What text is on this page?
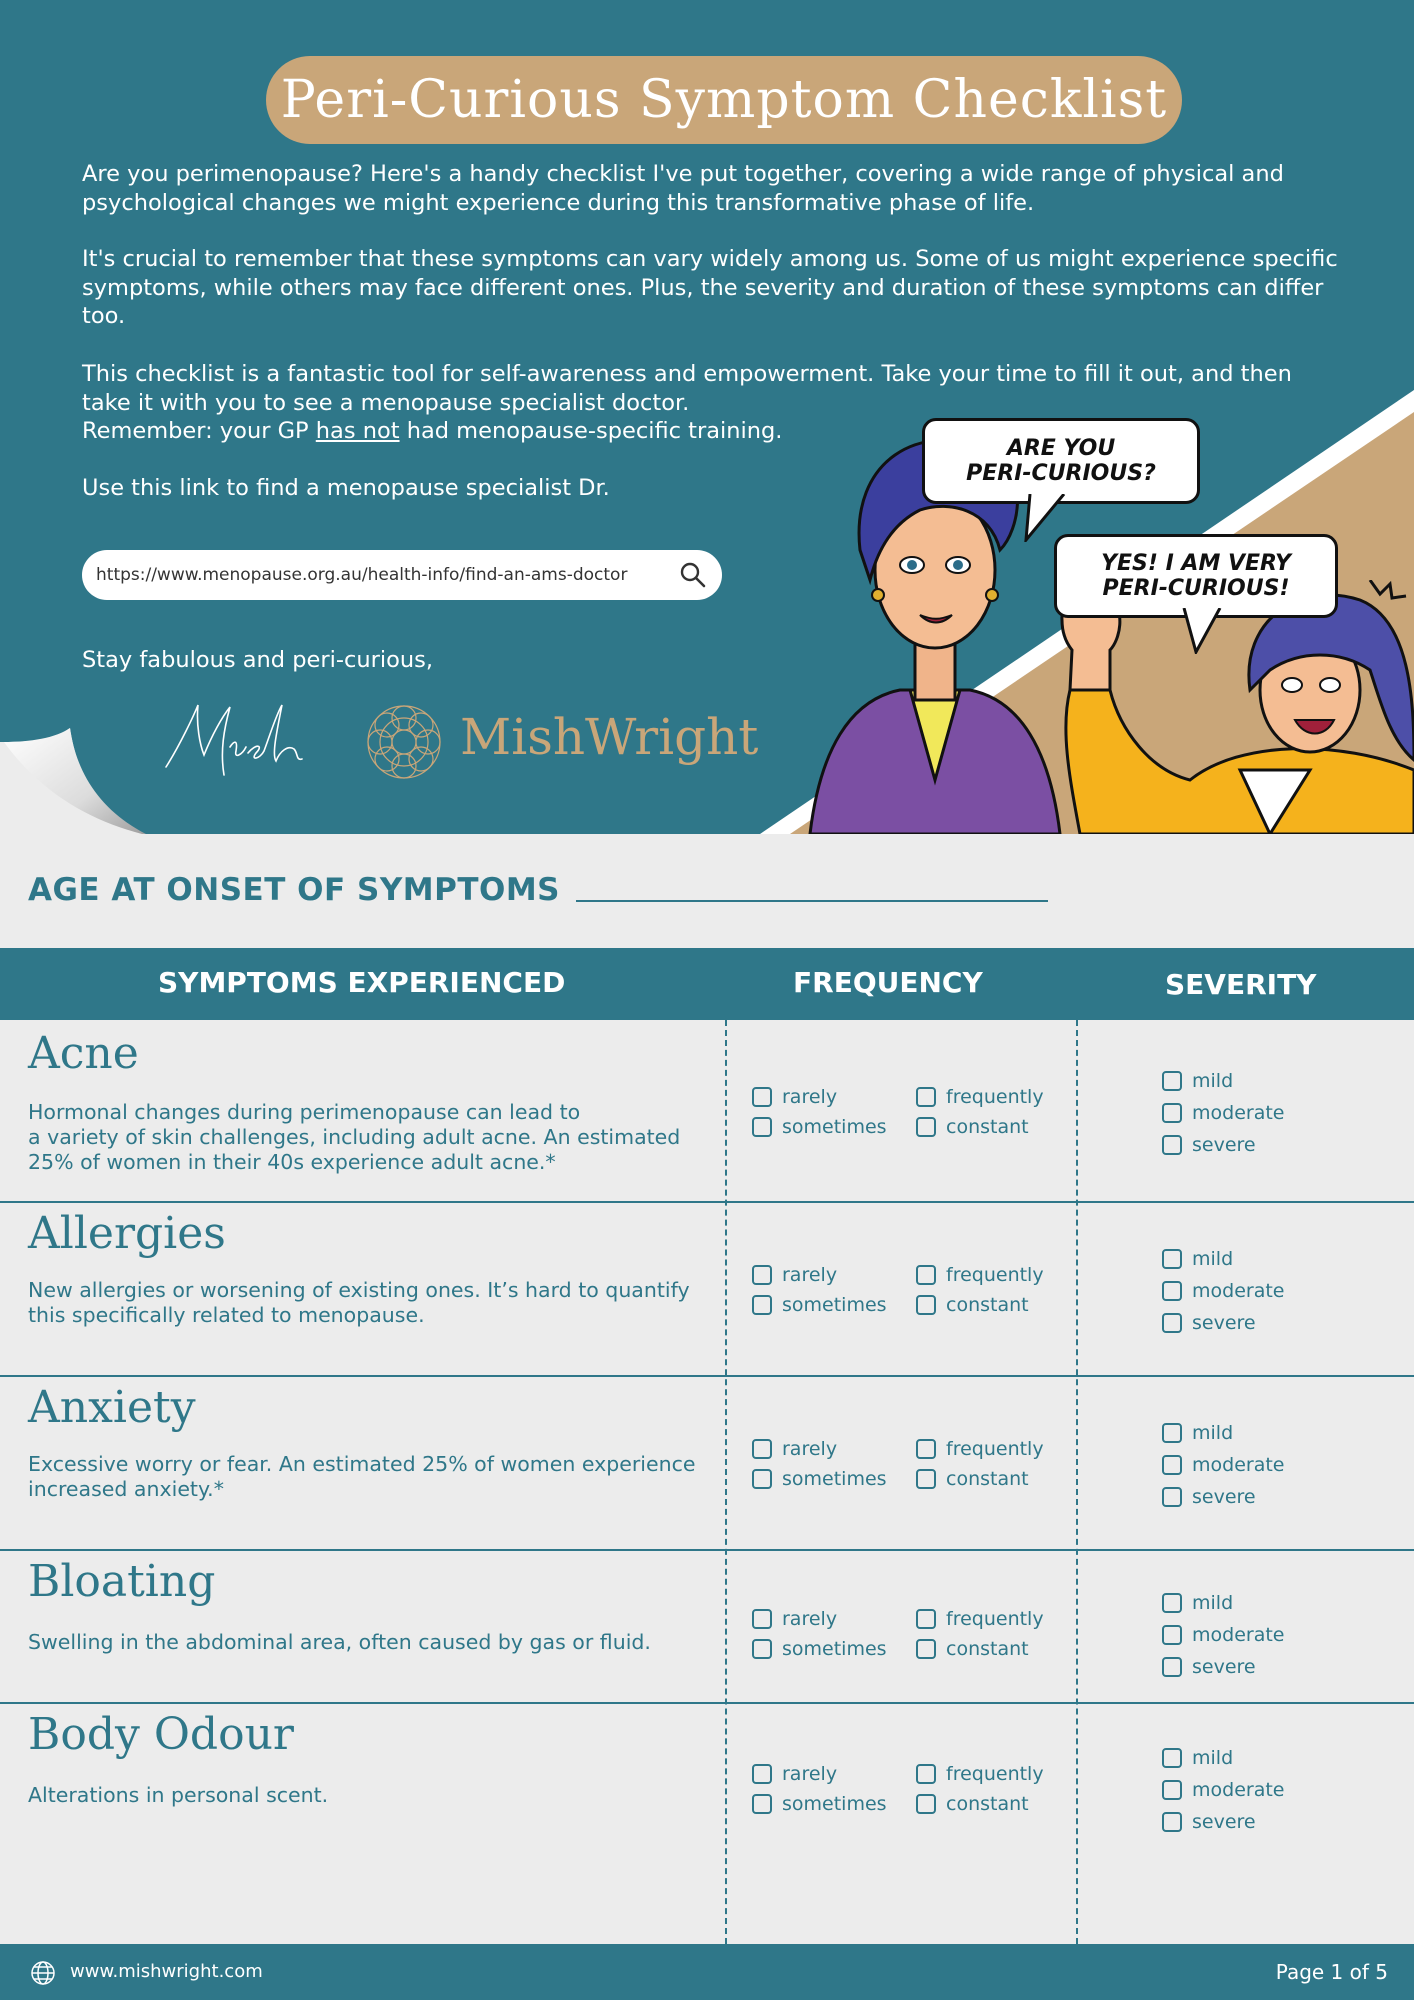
Peri-Curious Symptom Checklist

Are you perimenopause? Here's a handy checklist I've put together, covering a wide range of physical and psychological changes we might experience during this transformative phase of life.

It's crucial to remember that these symptoms can vary widely among us. Some of us might experience specific symptoms, while others may face different ones. Plus, the severity and duration of these symptoms can differ too.

This checklist is a fantastic tool for self-awareness and empowerment. Take your time to fill it out, and then take it with you to see a menopause specialist doctor.

Remember: your GP has not had menopause-specific training.

Use this link to find a menopause specialist Dr.

https://www.menopause.org.au/health-info/find-an-ams-doctor

Stay fabulous and peri-curious,

MishWright
ARE YOU
PERI-CURIOUS?
YES! I AM VERY
PERI-CURIOUS!
AGE AT ONSET OF SYMPTOMS
SYMPTOMS EXPERIENCED	FREQUENCY	SEVERITY
www.mishwright.com	Page 1 of 5
Acne
Hormonal changes during perimenopause can lead to
a variety of skin challenges, including adult acne. An estimated 25% of women in their 40s experience adult acne.*
rarely	frequently
sometimes	constant
mild
moderate
severe
Allergies
New allergies or worsening of existing ones. It’s hard to quantify this specifically related to menopause.
rarely	frequently
sometimes	constant
mild
moderate
severe
Anxiety
Excessive worry or fear. An estimated 25% of women experience increased anxiety.*
rarely	frequently
sometimes	constant
mild
moderate
severe
Bloating
Swelling in the abdominal area, often caused by gas or fluid.
rarely	frequently
sometimes	constant
mild
moderate
severe
Body Odour
Alterations in personal scent.
rarely	frequently
sometimes	constant
mild
moderate
severe
